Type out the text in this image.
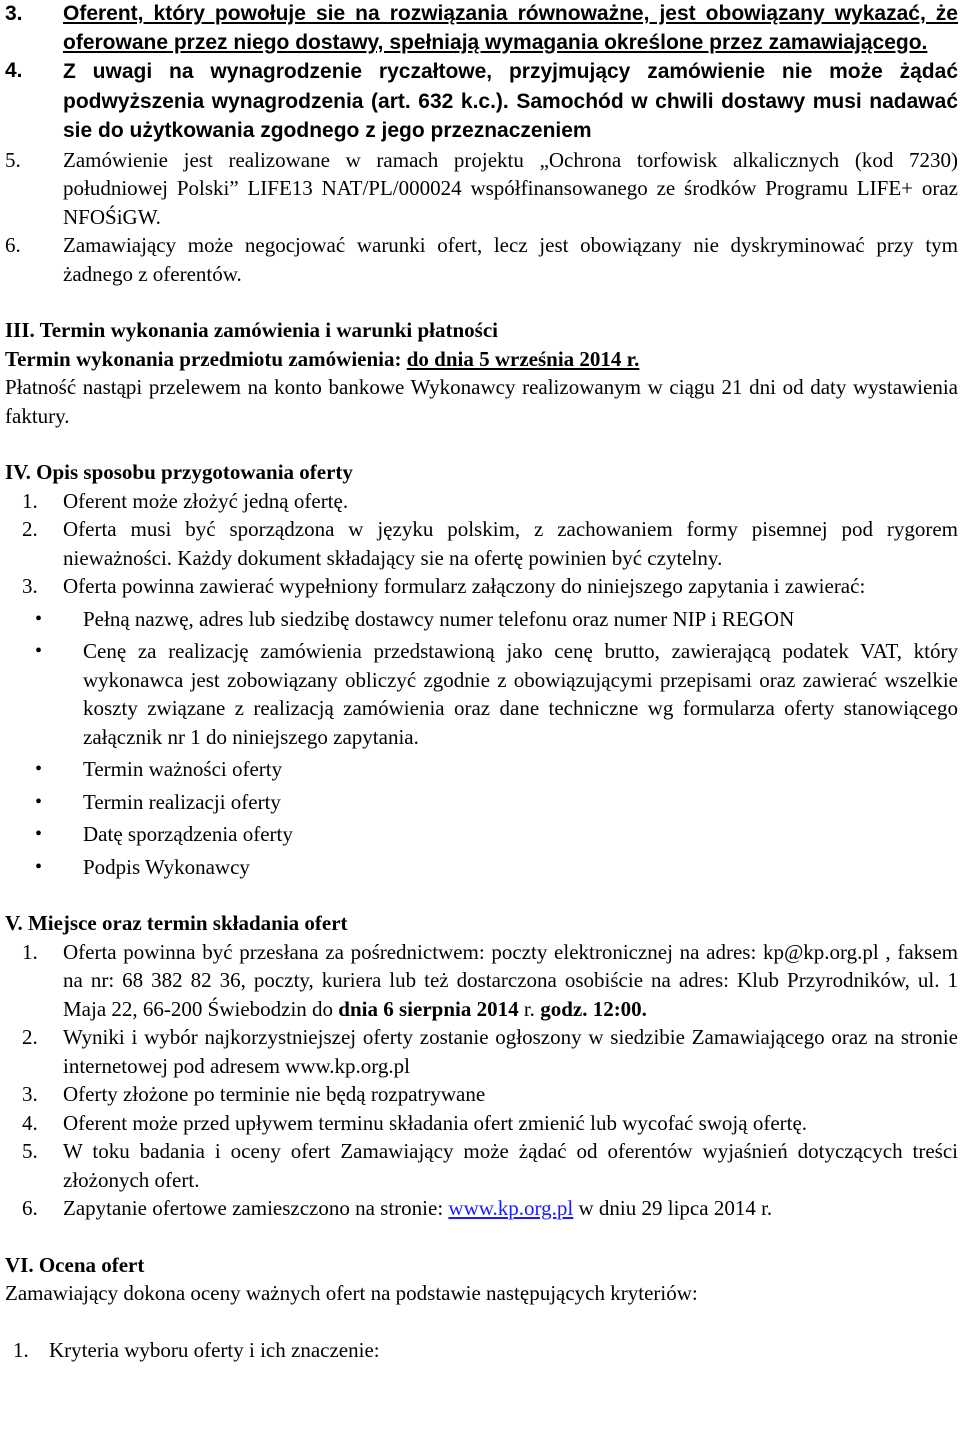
3.	Oferent, który powołuje sie na rozwiązania równoważne, jest obowiązany wykazać, że oferowane przez niego dostawy, spełniają wymagania określone przez zamawiającego.
4.	Z uwagi na wynagrodzenie ryczałtowe, przyjmujący zamówienie nie może żądać podwyższenia wynagrodzenia (art. 632 k.c.). Samochód w chwili dostawy musi nadawać sie do użytkowania zgodnego z jego przeznaczeniem
5.	Zamówienie jest realizowane w ramach projektu „Ochrona torfowisk alkalicznych (kod 7230) południowej Polski” LIFE13 NAT/PL/000024 współfinansowanego ze środków Programu LIFE+ oraz NFOŚiGW.
6.	Zamawiający może negocjować warunki ofert, lecz jest obowiązany nie dyskryminować przy tym żadnego z oferentów.
III. Termin wykonania zamówienia i warunki płatności

Termin wykonania przedmiotu zamówienia: do dnia 5 września 2014 r.

Płatność nastąpi przelewem na konto bankowe Wykonawcy realizowanym w ciągu 21 dni od daty wystawienia faktury.

IV. Opis sposobu przygotowania oferty
1.	Oferent może złożyć jedną ofertę.
2.	Oferta musi być sporządzona w języku polskim, z zachowaniem formy pisemnej pod rygorem nieważności. Każdy dokument składający sie na ofertę powinien być czytelny.
3.	Oferta powinna zawierać wypełniony formularz załączony do niniejszego zapytania i zawierać:
•	Pełną nazwę, adres lub siedzibę dostawcy numer telefonu oraz numer NIP i REGON
•	Cenę za realizację zamówienia przedstawioną jako cenę brutto, zawierającą podatek VAT, który wykonawca jest zobowiązany obliczyć zgodnie z obowiązującymi przepisami oraz zawierać wszelkie koszty związane z realizacją zamówienia oraz dane techniczne wg formularza oferty stanowiącego załącznik nr 1 do niniejszego zapytania.
•	Termin ważności oferty
•	Termin realizacji oferty
•	Datę sporządzenia oferty
•	Podpis Wykonawcy
V. Miejsce oraz termin składania ofert
1.	Oferta powinna być przesłana za pośrednictwem: poczty elektronicznej na adres: kp@kp.org.pl , faksem na nr: 68 382 82 36, poczty, kuriera lub też dostarczona osobiście na adres: Klub Przyrodników, ul. 1 Maja 22, 66-200 Świebodzin do dnia 6 sierpnia 2014 r. godz. 12:00.
2.	Wyniki i wybór najkorzystniejszej oferty zostanie ogłoszony w siedzibie Zamawiającego oraz na stronie internetowej pod adresem www.kp.org.pl
3.	Oferty złożone po terminie nie będą rozpatrywane
4.	Oferent może przed upływem terminu składania ofert zmienić lub wycofać swoją ofertę.
5.	W toku badania i oceny ofert Zamawiający może żądać od oferentów wyjaśnień dotyczących treści złożonych ofert.
6.	Zapytanie ofertowe zamieszczono na stronie: www.kp.org.pl w dniu 29 lipca 2014 r.
VI. Ocena ofert

Zamawiający dokona oceny ważnych ofert na podstawie następujących kryteriów:

1. Kryteria wyboru oferty i ich znaczenie:
